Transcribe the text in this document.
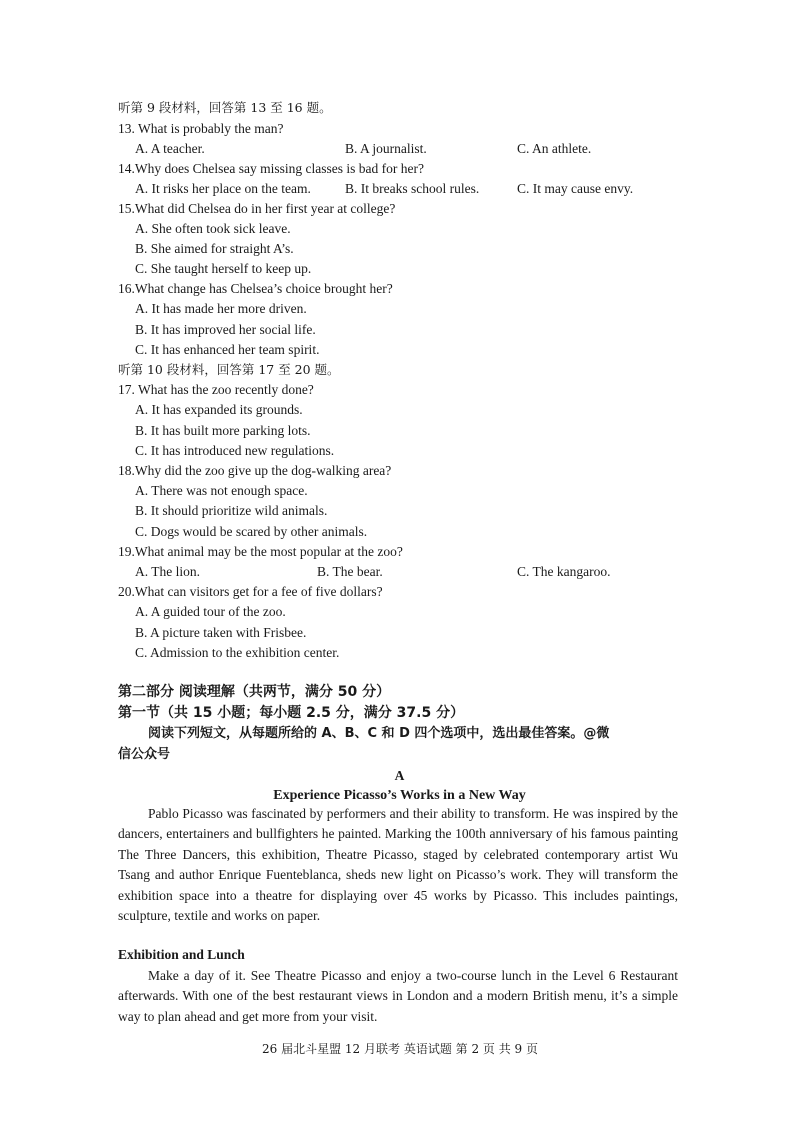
听第 9 段材料，回答第 13 至 16 题。
13. What is probably the man?
A. A teacher.	B. A journalist.	C. An athlete.
14.Why does Chelsea say missing classes is bad for her?
A. It risks her place on the team.	B. It breaks school rules.	C. It may cause envy.
15.What did Chelsea do in her first year at college?
A. She often took sick leave.
B. She aimed for straight A’s.
C. She taught herself to keep up.
16.What change has Chelsea’s choice brought her?
A. It has made her more driven.
B. It has improved her social life.
C. It has enhanced her team spirit.
听第 10 段材料，回答第 17 至 20 题。
17. What has the zoo recently done?
A. It has expanded its grounds.
B. It has built more parking lots.
C. It has introduced new regulations.
18.Why did the zoo give up the dog-walking area?
A. There was not enough space.
B. It should prioritize wild animals.
C. Dogs would be scared by other animals.
19.What animal may be the most popular at the zoo?
A. The lion.	B. The bear.	C. The kangaroo.
20.What can visitors get for a fee of five dollars?
A. A guided tour of the zoo.
B. A picture taken with Frisbee.
C. Admission to the exhibition center.
第二部分 阅读理解（共两节，满分 50 分）
第一节（共 15 小题；每小题 2.5 分，满分 37.5 分）
阅读下列短文，从每题所给的 A、B、C 和 D 四个选项中，选出最佳答案。@微
信公众号
A
Experience Picasso’s Works in a New Way

Pablo Picasso was fascinated by performers and their ability to transform. He was inspired by the dancers, entertainers and bullfighters he painted. Marking the 100th anniversary of his famous painting The Three Dancers, this exhibition, Theatre Picasso, staged by celebrated contemporary artist Wu Tsang and author Enrique Fuenteblanca, sheds new light on Picasso’s work. They will transform the exhibition space into a theatre for displaying over 45 works by Picasso. This includes paintings, sculpture, textile and works on paper.

Exhibition and Lunch

Make a day of it. See Theatre Picasso and enjoy a two-course lunch in the Level 6 Restaurant afterwards. With one of the best restaurant views in London and a modern British menu, it’s a simple way to plan ahead and get more from your visit.

26 届北斗星盟 12 月联考 英语试题 第 2 页 共 9 页
